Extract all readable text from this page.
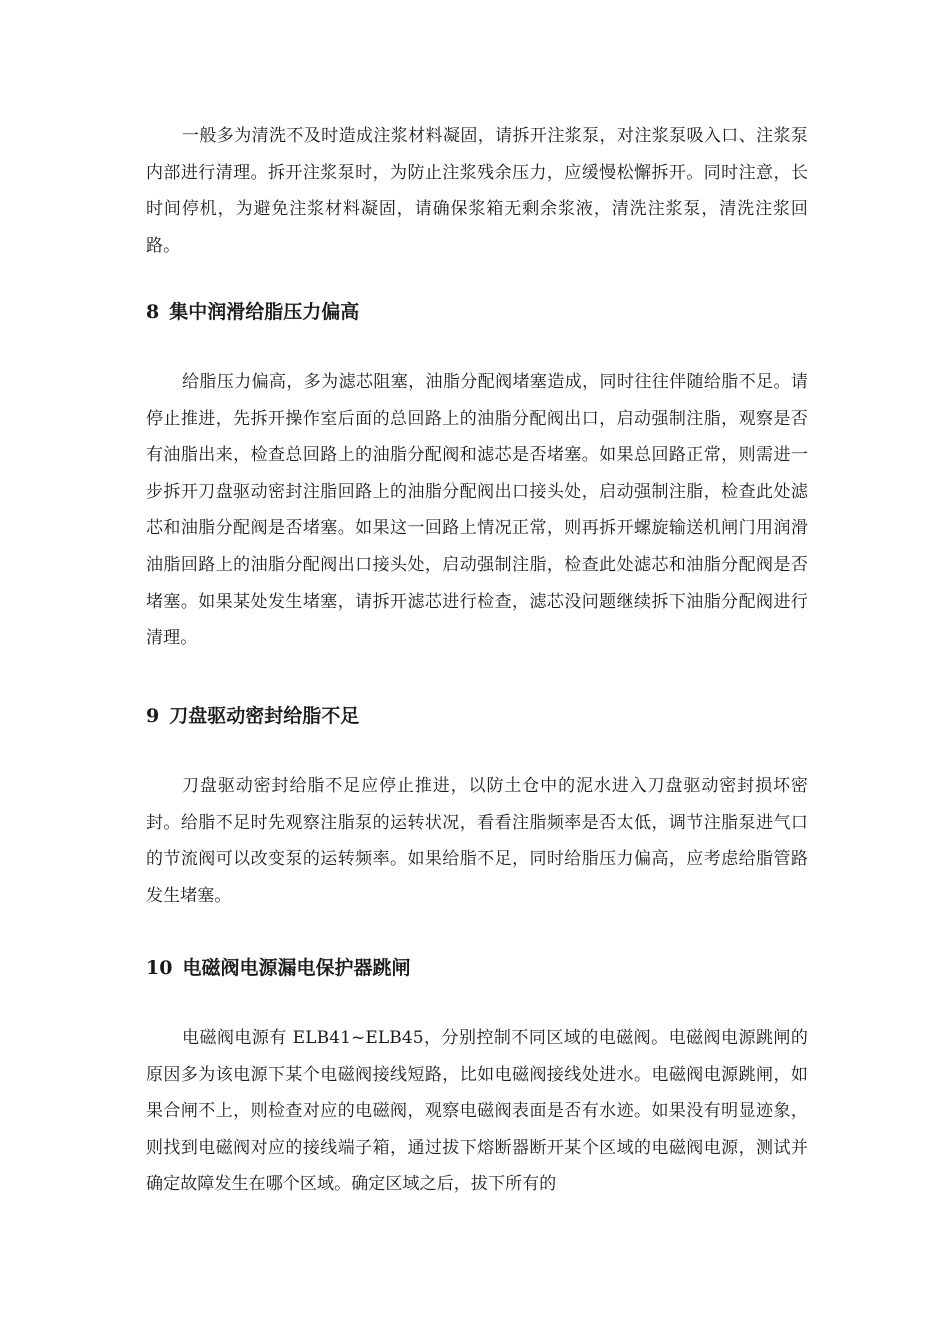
一般多为清洗不及时造成注浆材料凝固，请拆开注浆泵，对注浆泵吸入口、注浆泵内部进行清理。拆开注浆泵时，为防止注浆残余压力，应缓慢松懈拆开。同时注意，长时间停机，为避免注浆材料凝固，请确保浆箱无剩余浆液，清洗注浆泵，清洗注浆回路。

8 集中润滑给脂压力偏高

给脂压力偏高，多为滤芯阻塞，油脂分配阀堵塞造成，同时往往伴随给脂不足。请停止推进，先拆开操作室后面的总回路上的油脂分配阀出口，启动强制注脂，观察是否有油脂出来，检查总回路上的油脂分配阀和滤芯是否堵塞。如果总回路正常，则需进一步拆开刀盘驱动密封注脂回路上的油脂分配阀出口接头处，启动强制注脂，检查此处滤芯和油脂分配阀是否堵塞。如果这一回路上情况正常，则再拆开螺旋输送机闸门用润滑油脂回路上的油脂分配阀出口接头处，启动强制注脂，检查此处滤芯和油脂分配阀是否堵塞。如果某处发生堵塞，请拆开滤芯进行检查，滤芯没问题继续拆下油脂分配阀进行清理。

9 刀盘驱动密封给脂不足

刀盘驱动密封给脂不足应停止推进，以防土仓中的泥水进入刀盘驱动密封损坏密封。给脂不足时先观察注脂泵的运转状况，看看注脂频率是否太低，调节注脂泵进气口的节流阀可以改变泵的运转频率。如果给脂不足，同时给脂压力偏高，应考虑给脂管路发生堵塞。

10 电磁阀电源漏电保护器跳闸

电磁阀电源有 ELB41~ELB45，分别控制不同区域的电磁阀。电磁阀电源跳闸的原因多为该电源下某个电磁阀接线短路，比如电磁阀接线处进水。电磁阀电源跳闸，如果合闸不上，则检查对应的电磁阀，观察电磁阀表面是否有水迹。如果没有明显迹象，则找到电磁阀对应的接线端子箱，通过拔下熔断器断开某个区域的电磁阀电源，测试并确定故障发生在哪个区域。确定区域之后，拔下所有的
